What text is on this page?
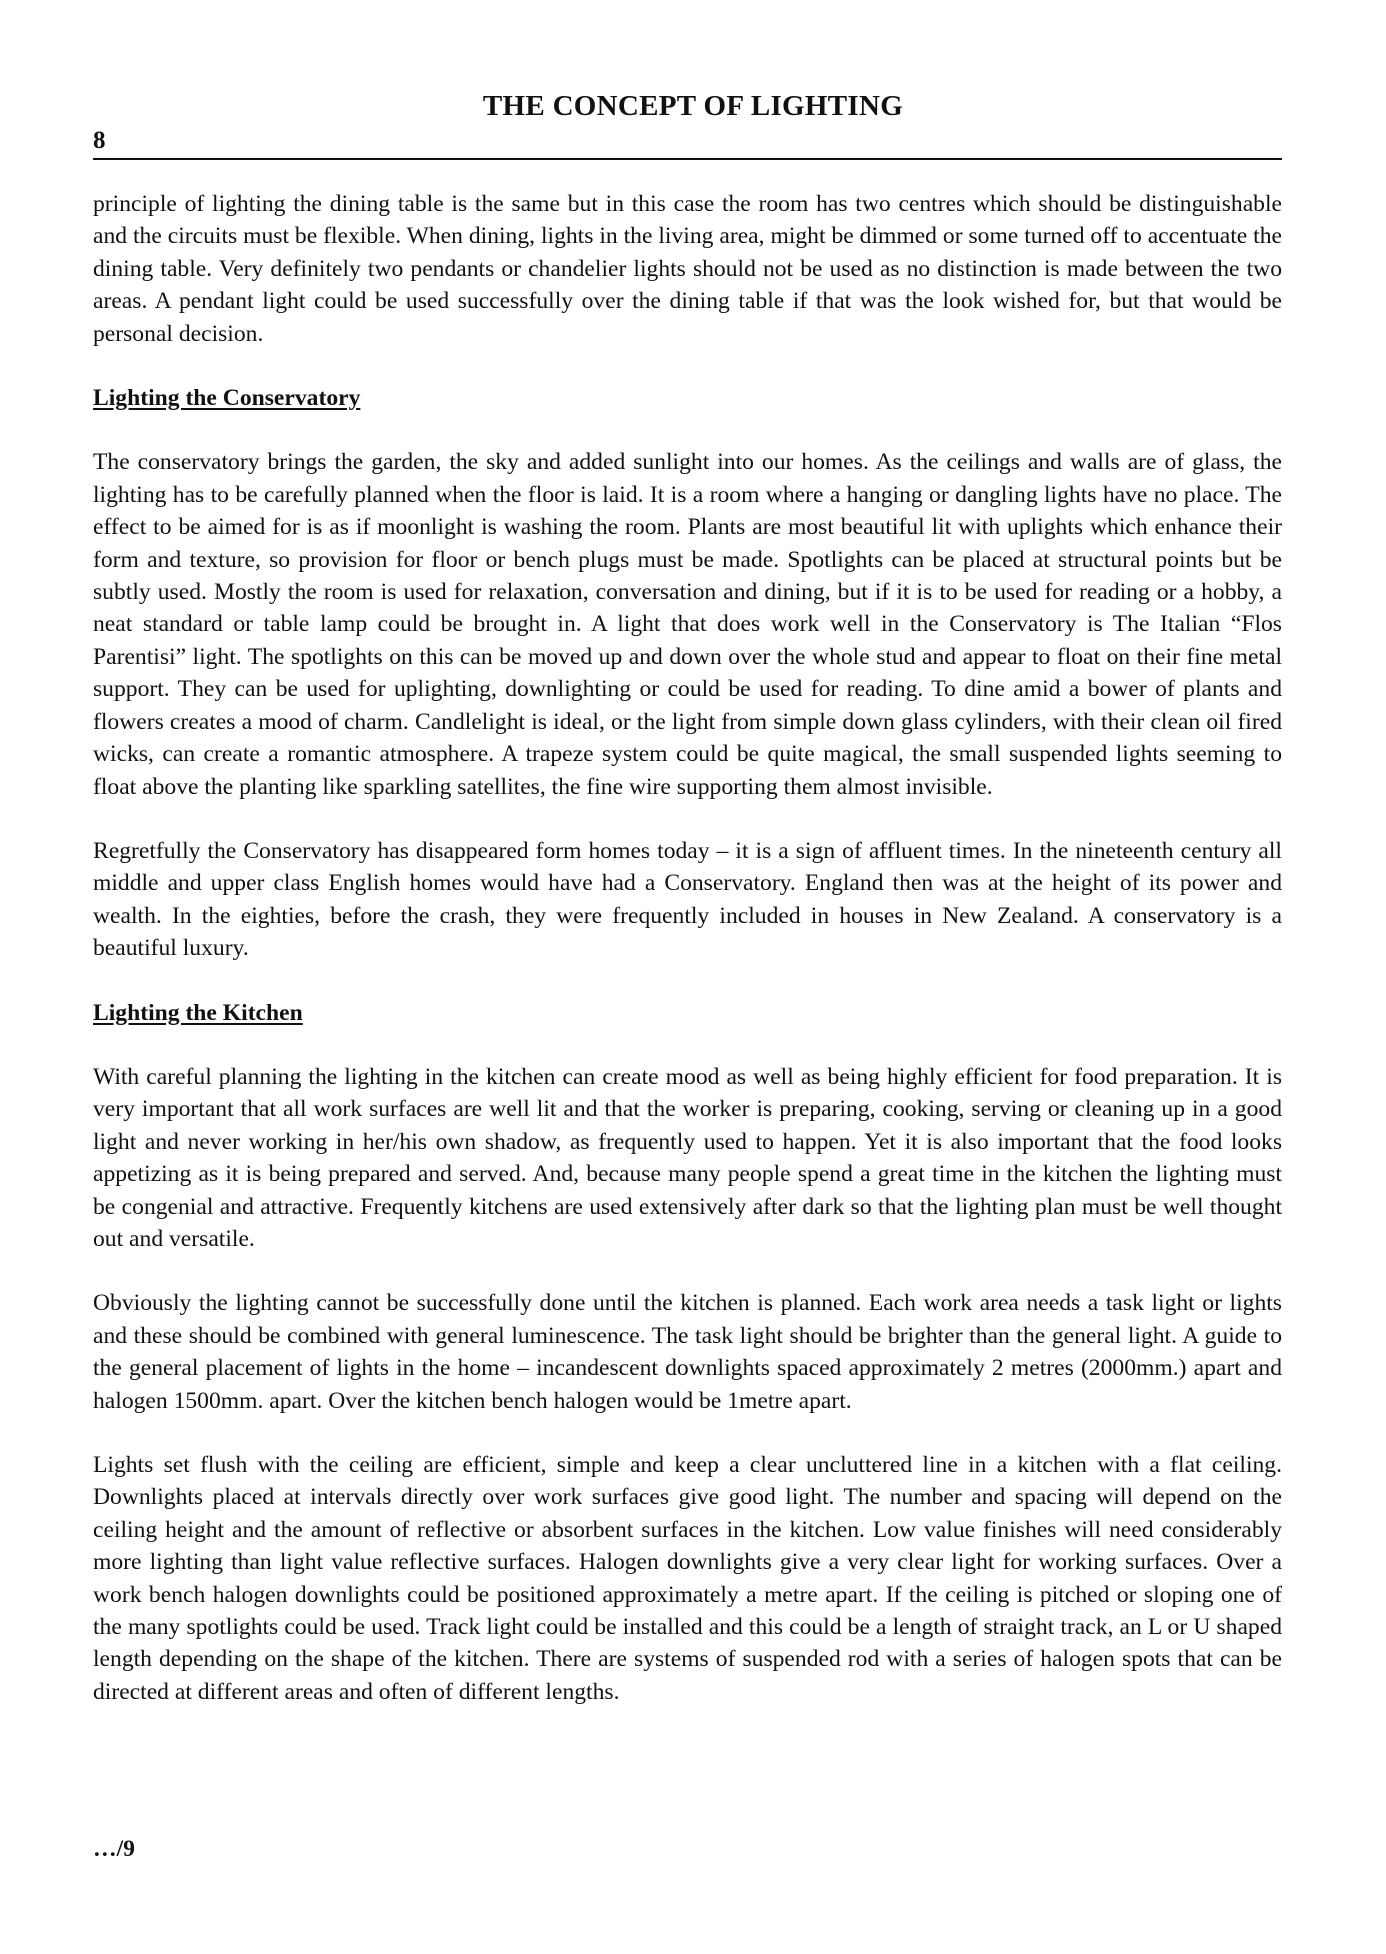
THE CONCEPT OF LIGHTING
8

principle of lighting the dining table is the same but in this case the room has two centres which should be distinguishable and the circuits must be flexible. When dining, lights in the living area, might be dimmed or some turned off to accentuate the dining table. Very definitely two pendants or chandelier lights should not be used as no distinction is made between the two areas. A pendant light could be used successfully over the dining table if that was the look wished for, but that would be personal decision.

Lighting the Conservatory

The conservatory brings the garden, the sky and added sunlight into our homes. As the ceilings and walls are of glass, the lighting has to be carefully planned when the floor is laid. It is a room where a hanging or dangling lights have no place. The effect to be aimed for is as if moonlight is washing the room. Plants are most beautiful lit with uplights which enhance their form and texture, so provision for floor or bench plugs must be made. Spotlights can be placed at structural points but be subtly used. Mostly the room is used for relaxation, conversation and dining, but if it is to be used for reading or a hobby, a neat standard or table lamp could be brought in. A light that does work well in the Conservatory is The Italian “Flos Parentisi” light. The spotlights on this can be moved up and down over the whole stud and appear to float on their fine metal support. They can be used for uplighting, downlighting or could be used for reading. To dine amid a bower of plants and flowers creates a mood of charm. Candlelight is ideal, or the light from simple down glass cylinders, with their clean oil fired wicks, can create a romantic atmosphere. A trapeze system could be quite magical, the small suspended lights seeming to float above the planting like sparkling satellites, the fine wire supporting them almost invisible.

Regretfully the Conservatory has disappeared form homes today – it is a sign of affluent times. In the nineteenth century all middle and upper class English homes would have had a Conservatory. England then was at the height of its power and wealth. In the eighties, before the crash, they were frequently included in houses in New Zealand. A conservatory is a beautiful luxury.

Lighting the Kitchen

With careful planning the lighting in the kitchen can create mood as well as being highly efficient for food preparation. It is very important that all work surfaces are well lit and that the worker is preparing, cooking, serving or cleaning up in a good light and never working in her/his own shadow, as frequently used to happen. Yet it is also important that the food looks appetizing as it is being prepared and served. And, because many people spend a great time in the kitchen the lighting must be congenial and attractive. Frequently kitchens are used extensively after dark so that the lighting plan must be well thought out and versatile.

Obviously the lighting cannot be successfully done until the kitchen is planned. Each work area needs a task light or lights and these should be combined with general luminescence. The task light should be brighter than the general light. A guide to the general placement of lights in the home – incandescent downlights spaced approximately 2 metres (2000mm.) apart and halogen 1500mm. apart. Over the kitchen bench halogen would be 1metre apart.

Lights set flush with the ceiling are efficient, simple and keep a clear uncluttered line in a kitchen with a flat ceiling. Downlights placed at intervals directly over work surfaces give good light. The number and spacing will depend on the ceiling height and the amount of reflective or absorbent surfaces in the kitchen. Low value finishes will need considerably more lighting than light value reflective surfaces. Halogen downlights give a very clear light for working surfaces. Over a work bench halogen downlights could be positioned approximately a metre apart. If the ceiling is pitched or sloping one of the many spotlights could be used. Track light could be installed and this could be a length of straight track, an L or U shaped length depending on the shape of the kitchen. There are systems of suspended rod with a series of halogen spots that can be directed at different areas and often of different lengths.

…/9
